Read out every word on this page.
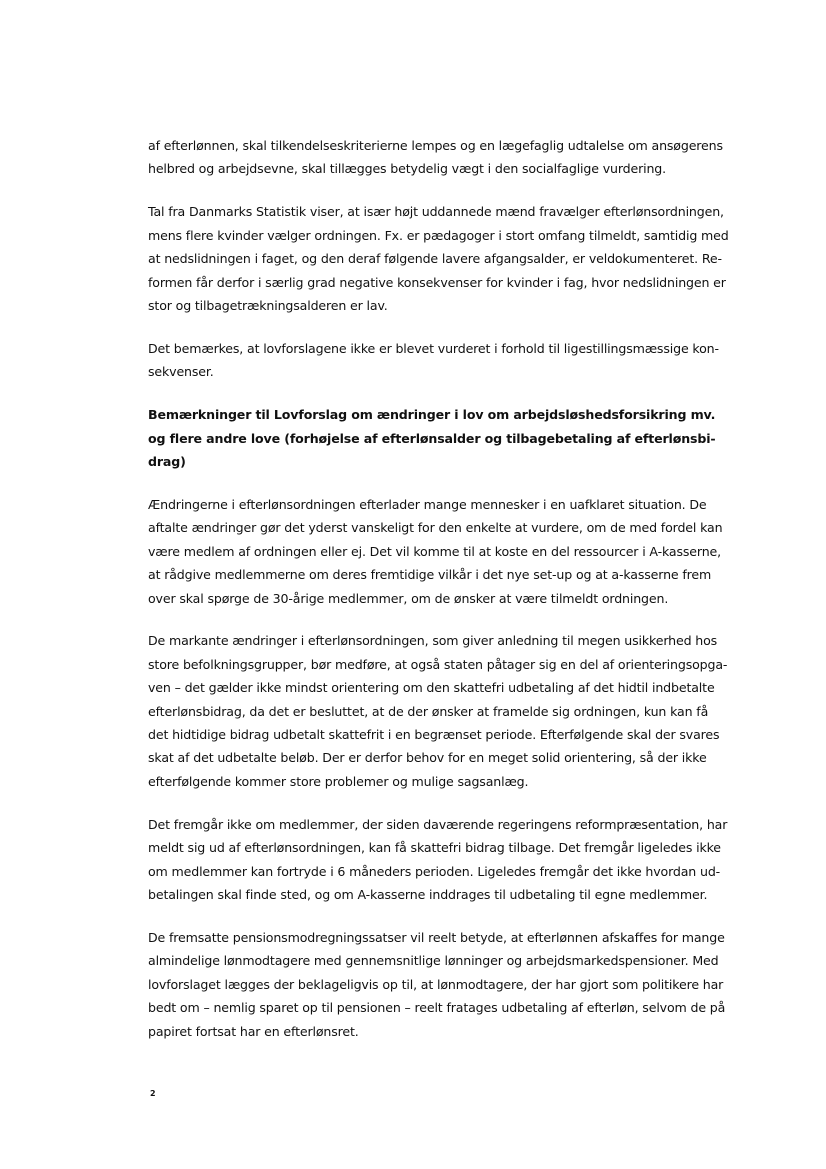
af efterlønnen, skal tilkendelseskriterierne lempes og en lægefaglig udtalelse om ansøgerens
helbred og arbejdsevne, skal tillægges betydelig vægt i den socialfaglige vurdering.

Tal fra Danmarks Statistik viser, at især højt uddannede mænd fravælger efterlønsordningen,
mens flere kvinder vælger ordningen. Fx. er pædagoger i stort omfang tilmeldt, samtidig med
at nedslidningen i faget, og den deraf følgende lavere afgangsalder, er veldokumenteret. Re-
formen får derfor i særlig grad negative konsekvenser for kvinder i fag, hvor nedslidningen er
stor og tilbagetrækningsalderen er lav.

Det bemærkes, at lovforslagene ikke er blevet vurderet i forhold til ligestillingsmæssige kon-
sekvenser.

Bemærkninger til Lovforslag om ændringer i lov om arbejdsløshedsforsikring mv.
og flere andre love (forhøjelse af efterlønsalder og tilbagebetaling af efterlønsbi-
drag)

Ændringerne i efterlønsordningen efterlader mange mennesker i en uafklaret situation. De
aftalte ændringer gør det yderst vanskeligt for den enkelte at vurdere, om de med fordel kan
være medlem af ordningen eller ej. Det vil komme til at koste en del ressourcer i A-kasserne,
at rådgive medlemmerne om deres fremtidige vilkår i det nye set-up og at a-kasserne frem
over skal spørge de 30-årige medlemmer, om de ønsker at være tilmeldt ordningen.

De markante ændringer i efterlønsordningen, som giver anledning til megen usikkerhed hos
store befolkningsgrupper, bør medføre, at også staten påtager sig en del af orienteringsopga-
ven – det gælder ikke mindst orientering om den skattefri udbetaling af det hidtil indbetalte
efterlønsbidrag, da det er besluttet, at de der ønsker at framelde sig ordningen, kun kan få
det hidtidige bidrag udbetalt skattefrit i en begrænset periode. Efterfølgende skal der svares
skat af det udbetalte beløb. Der er derfor behov for en meget solid orientering, så der ikke
efterfølgende kommer store problemer og mulige sagsanlæg.

Det fremgår ikke om medlemmer, der siden daværende regeringens reformpræsentation, har
meldt sig ud af efterlønsordningen, kan få skattefri bidrag tilbage. Det fremgår ligeledes ikke
om medlemmer kan fortryde i 6 måneders perioden. Ligeledes fremgår det ikke hvordan ud-
betalingen skal finde sted, og om A-kasserne inddrages til udbetaling til egne medlemmer.

De fremsatte pensionsmodregningssatser vil reelt betyde, at efterlønnen afskaffes for mange
almindelige lønmodtagere med gennemsnitlige lønninger og arbejdsmarkedspensioner. Med
lovforslaget lægges der beklageligvis op til, at lønmodtagere, der har gjort som politikere har
bedt om – nemlig sparet op til pensionen – reelt fratages udbetaling af efterløn, selvom de på
papiret fortsat har en efterlønsret.

2
